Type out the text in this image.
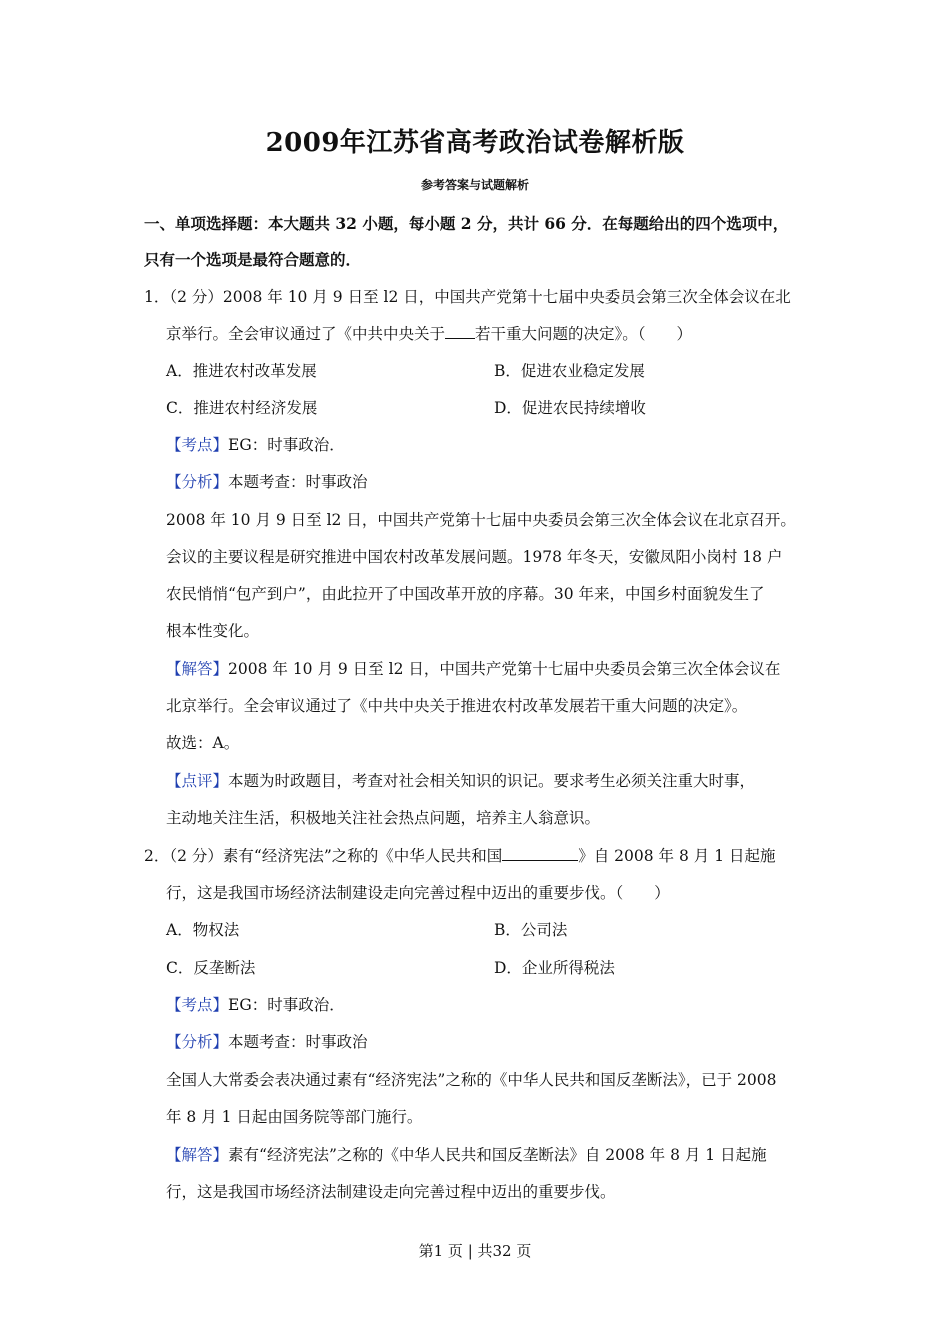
2009年江苏省高考政治试卷解析版
参考答案与试题解析
一、单项选择题：本大题共 32 小题，每小题 2 分，共计 66 分．在每题给出的四个选项中，
只有一个选项是最符合题意的．
1．（2 分）2008 年 10 月 9 日至 l2 日，中国共产党第十七届中央委员会第三次全体会议在北
京举行。全会审议通过了《中共中央关于 若干重大问题的决定》。（　　）
A．推进农村改革发展	B．促进农业稳定发展
C．推进农村经济发展	D．促进农民持续增收
【考点】EG：时事政治．
【分析】本题考查：时事政治
2008 年 10 月 9 日至 l2 日，中国共产党第十七届中央委员会第三次全体会议在北京召开。
会议的主要议程是研究推进中国农村改革发展问题。1978 年冬天，安徽凤阳小岗村 18 户
农民悄悄“包产到户”，由此拉开了中国改革开放的序幕。30 年来，中国乡村面貌发生了
根本性变化。
【解答】2008 年 10 月 9 日至 l2 日，中国共产党第十七届中央委员会第三次全体会议在
北京举行。全会审议通过了《中共中央关于推进农村改革发展若干重大问题的决定》。
故选：A。
【点评】本题为时政题目，考查对社会相关知识的识记。要求考生必须关注重大时事，
主动地关注生活，积极地关注社会热点问题，培养主人翁意识。
2．（2 分）素有“经济宪法”之称的《中华人民共和国	》自 2008 年 8 月 1 日起施
行，这是我国市场经济法制建设走向完善过程中迈出的重要步伐。（　　）
A．物权法	B．公司法
C．反垄断法	D．企业所得税法
【考点】EG：时事政治．
【分析】本题考查：时事政治
全国人大常委会表决通过素有“经济宪法”之称的《中华人民共和国反垄断法》，已于 2008
年 8 月 1 日起由国务院等部门施行。
【解答】素有“经济宪法”之称的《中华人民共和国反垄断法》自 2008 年 8 月 1 日起施
行，这是我国市场经济法制建设走向完善过程中迈出的重要步伐。
第1 页 | 共32 页
